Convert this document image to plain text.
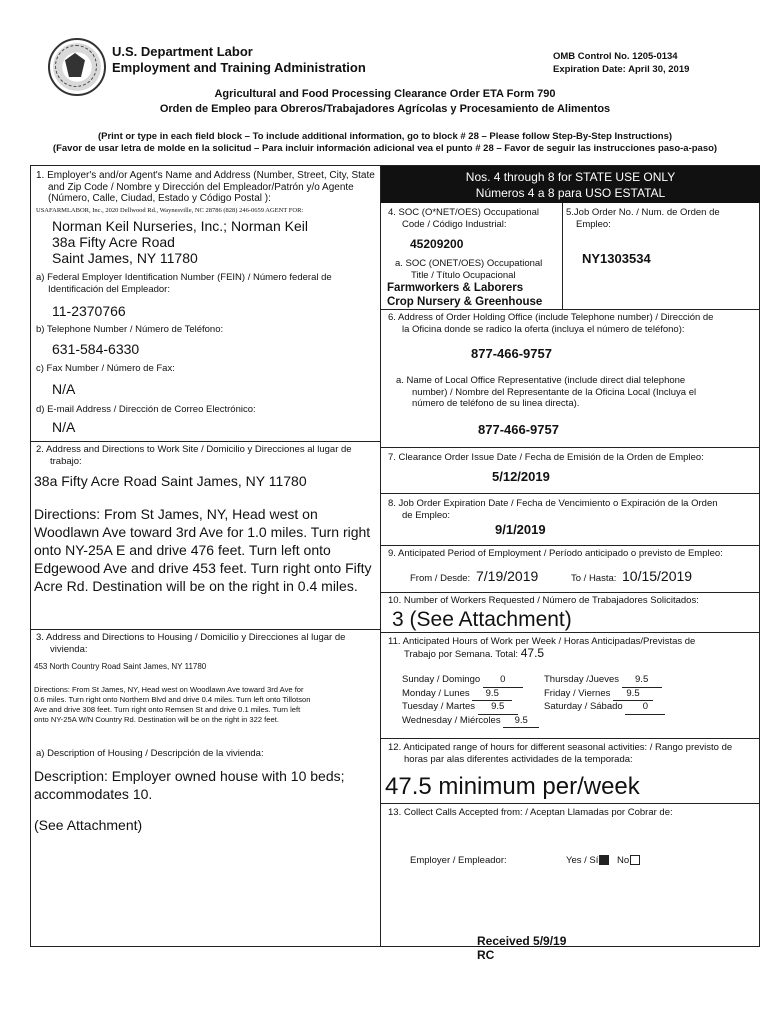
U.S. Department Labor
Employment and Training Administration
OMB Control No. 1205-0134
Expiration Date: April 30, 2019
Agricultural and Food Processing Clearance Order ETA Form 790
Orden de Empleo para Obreros/Trabajadores Agrícolas y Procesamiento de Alimentos
(Print or type in each field block – To include additional information, go to block # 28 – Please follow Step-By-Step Instructions)
(Favor de usar letra de molde en la solicitud – Para incluir información adicional vea el punto # 28 – Favor de seguir las instrucciones paso-a-paso)
1. Employer's and/or Agent's Name and Address (Number, Street, City, State
and Zip Code / Nombre y Dirección del Empleador/Patrón y/o Agente
(Número, Calle, Ciudad, Estado y Código Postal ):
USAFARMLABOR, Inc., 2020 Dellwood Rd., Waynesville, NC 28786 (828) 246-0659 AGENT FOR:
Norman Keil Nurseries, Inc.; Norman Keil
38a Fifty Acre Road
Saint James, NY 11780
a) Federal Employer Identification Number (FEIN) / Número federal de
Identificación del Empleador:
11-2370766
b) Telephone Number / Número de Teléfono:
631-584-6330
c) Fax Number / Número de Fax:
N/A
d) E-mail Address / Dirección de Correo Electrónico:
N/A
2. Address and Directions to Work Site / Domicilio y Direcciones al lugar de
trabajo:
38a Fifty Acre Road Saint James, NY 11780
Directions: From St James, NY, Head west on
Woodlawn Ave toward 3rd Ave for 1.0 miles. Turn right
onto NY-25A E and drive 476 feet. Turn left onto
Edgewood Ave and drive 453 feet. Turn right onto Fifty
Acre Rd. Destination will be on the right in 0.4 miles.
3. Address and Directions to Housing / Domicilio y Direcciones al lugar de
vivienda:
453 North Country Road Saint James, NY 11780
Directions: From St James, NY, Head west on Woodlawn Ave toward 3rd Ave for
0.6 miles. Turn right onto Northern Blvd and drive 0.4 miles. Turn left onto Tillotson
Ave and drive 308 feet. Turn right onto Remsen St and drive 0.1 miles. Turn left
onto NY-25A W/N Country Rd. Destination will be on the right in 322 feet.
a) Description of Housing / Descripción de la vivienda:
Description: Employer owned house with 10 beds;
accommodates 10.
(See Attachment)
Nos. 4 through 8 for STATE USE ONLY
Números 4 a 8 para USO ESTATAL
4. SOC (O*NET/OES) Occupational
Code / Código Industrial:
45209200
a. SOC (ONET/OES) Occupational
Title / Título Ocupacional
Farmworkers & Laborers
Crop Nursery & Greenhouse
5.Job Order No. / Num. de Orden de
Empleo:
NY1303534
6. Address of Order Holding Office (include Telephone number) / Dirección de
la Oficina donde se radico la oferta (incluya el número de teléfono):
877-466-9757
a. Name of Local Office Representative (include direct dial telephone
number) / Nombre del Representante de la Oficina Local (Incluya el
número de teléfono de su linea directa).
877-466-9757
7. Clearance Order Issue Date / Fecha de Emisión de la Orden de Empleo:
5/12/2019
8. Job Order Expiration Date / Fecha de Vencimiento o Expiración de la Orden
de Empleo:
9/1/2019
9. Anticipated Period of Employment / Período anticipado o previsto de Empleo:
From / Desde: 7/19/2019	To / Hasta: 10/15/2019
10. Number of Workers Requested / Número de Trabajadores Solicitados:
3 (See Attachment)
11. Anticipated Hours of Work per Week / Horas Anticipadas/Previstas de
Trabajo por Semana. Total: 47.5
Sunday / Domingo 0
Monday / Lunes 9.5
Tuesday / Martes 9.5
Wednesday / Miércoles 9.5
Thursday /Jueves 9.5
Friday / Viernes 9.5
Saturday / Sábado 0
12. Anticipated range of hours for different seasonal activities: / Rango previsto de
horas par alas diferentes actividades de la temporada:
47.5 minimum per/week
13. Collect Calls Accepted from: / Aceptan Llamadas por Cobrar de:
Employer / Empleador:	Yes / Sí	No
Received 5/9/19
RC
